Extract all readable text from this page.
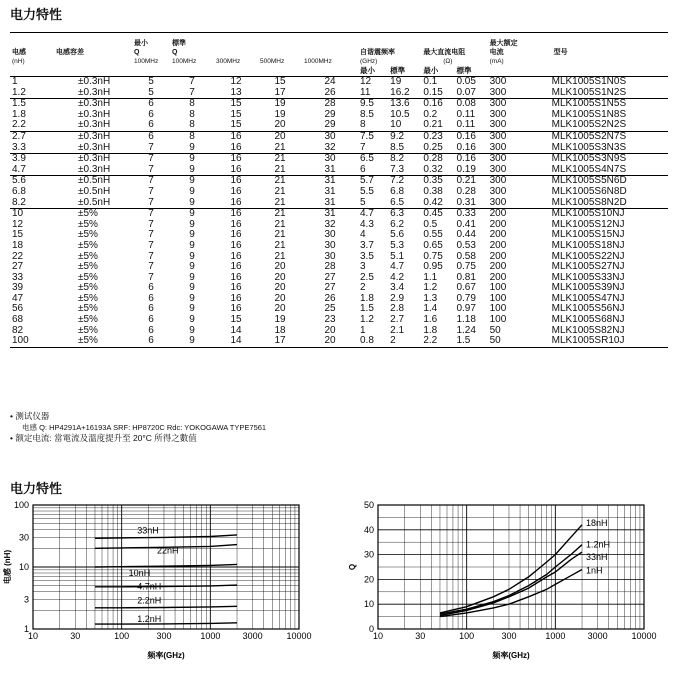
电力特性

电感	电感容差	最小
Q	標準
Q				自谐震频率		最大直流电阻		最大额定
电流	型号
(nH)		100MHz	100MHz	300MHz	500MHz	1000MHz	(GHz)		(Ω)		(mA)	
							最小	標準	最小	標準		
1	±0.3nH	5	7	12	15	24	12	19	0.1	0.05	300	MLK1005S1N0S
1.2	±0.3nH	5	7	13	17	26	11	16.2	0.15	0.07	300	MLK1005S1N2S
1.5	±0.3nH	6	8	15	19	28	9.5	13.6	0.16	0.08	300	MLK1005S1N5S
1.8	±0.3nH	6	8	15	19	29	8.5	10.5	0.2	0.11	300	MLK1005S1N8S
2.2	±0.3nH	6	8	15	20	29	8	10	0.21	0.11	300	MLK1005S2N2S
2.7	±0.3nH	6	8	16	20	30	7.5	9.2	0.23	0.16	300	MLK1005S2N7S
3.3	±0.3nH	7	9	16	21	32	7	8.5	0.25	0.16	300	MLK1005S3N3S
3.9	±0.3nH	7	9	16	21	30	6.5	8.2	0.28	0.16	300	MLK1005S3N9S
4.7	±0.3nH	7	9	16	21	31	6	7.3	0.32	0.19	300	MLK1005S4N7S
5.6	±0.5nH	7	9	16	21	31	5.7	7.2	0.35	0.21	300	MLK1005S5N6D
6.8	±0.5nH	7	9	16	21	31	5.5	6.8	0.38	0.28	300	MLK1005S6N8D
8.2	±0.5nH	7	9	16	21	31	5	6.5	0.42	0.31	300	MLK1005S8N2D
10	±5%	7	9	16	21	31	4.7	6.3	0.45	0.33	200	MLK1005S10NJ
12	±5%	7	9	16	21	32	4.3	6.2	0.5	0.41	200	MLK1005S12NJ
15	±5%	7	9	16	21	30	4	5.6	0.55	0.44	200	MLK1005S15NJ
18	±5%	7	9	16	21	30	3.7	5.3	0.65	0.53	200	MLK1005S18NJ
22	±5%	7	9	16	21	30	3.5	5.1	0.75	0.58	200	MLK1005S22NJ
27	±5%	7	9	16	20	28	3	4.7	0.95	0.75	200	MLK1005S27NJ
33	±5%	7	9	16	20	27	2.5	4.2	1.1	0.81	200	MLK1005S33NJ
39	±5%	6	9	16	20	27	2	3.4	1.2	0.67	100	MLK1005S39NJ
47	±5%	6	9	16	20	26	1.8	2.9	1.3	0.79	100	MLK1005S47NJ
56	±5%	6	9	16	20	25	1.5	2.8	1.4	0.97	100	MLK1005S56NJ
68	±5%	6	9	15	19	23	1.2	2.7	1.6	1.18	100	MLK1005S68NJ
82	±5%	6	9	14	18	20	1	2.1	1.8	1.24	50	MLK1005S82NJ
100	±5%	6	9	14	17	20	0.8	2	2.2	1.5	50	MLK1005SR10J
• 测试仪器
电感 Q: HP4291A+16193A SRF: HP8720C Rdc: YOKOGAWA TYPE7561
• 额定电流: 當電流及溫度提升至 20°C 所得之數值
电力特性
10	30	100	300	1000 3000	10000
1
3
10
30
100
频率(GHz)
电感 (nH)
33nH
22nH
10nH
4.7nH
2.2nH
1.2nH
10	30	100	300	1000 3000	10000
0
10
20
30
40
50
频率(GHz)
Q
18nH
1.2nH
33nH
1nH
